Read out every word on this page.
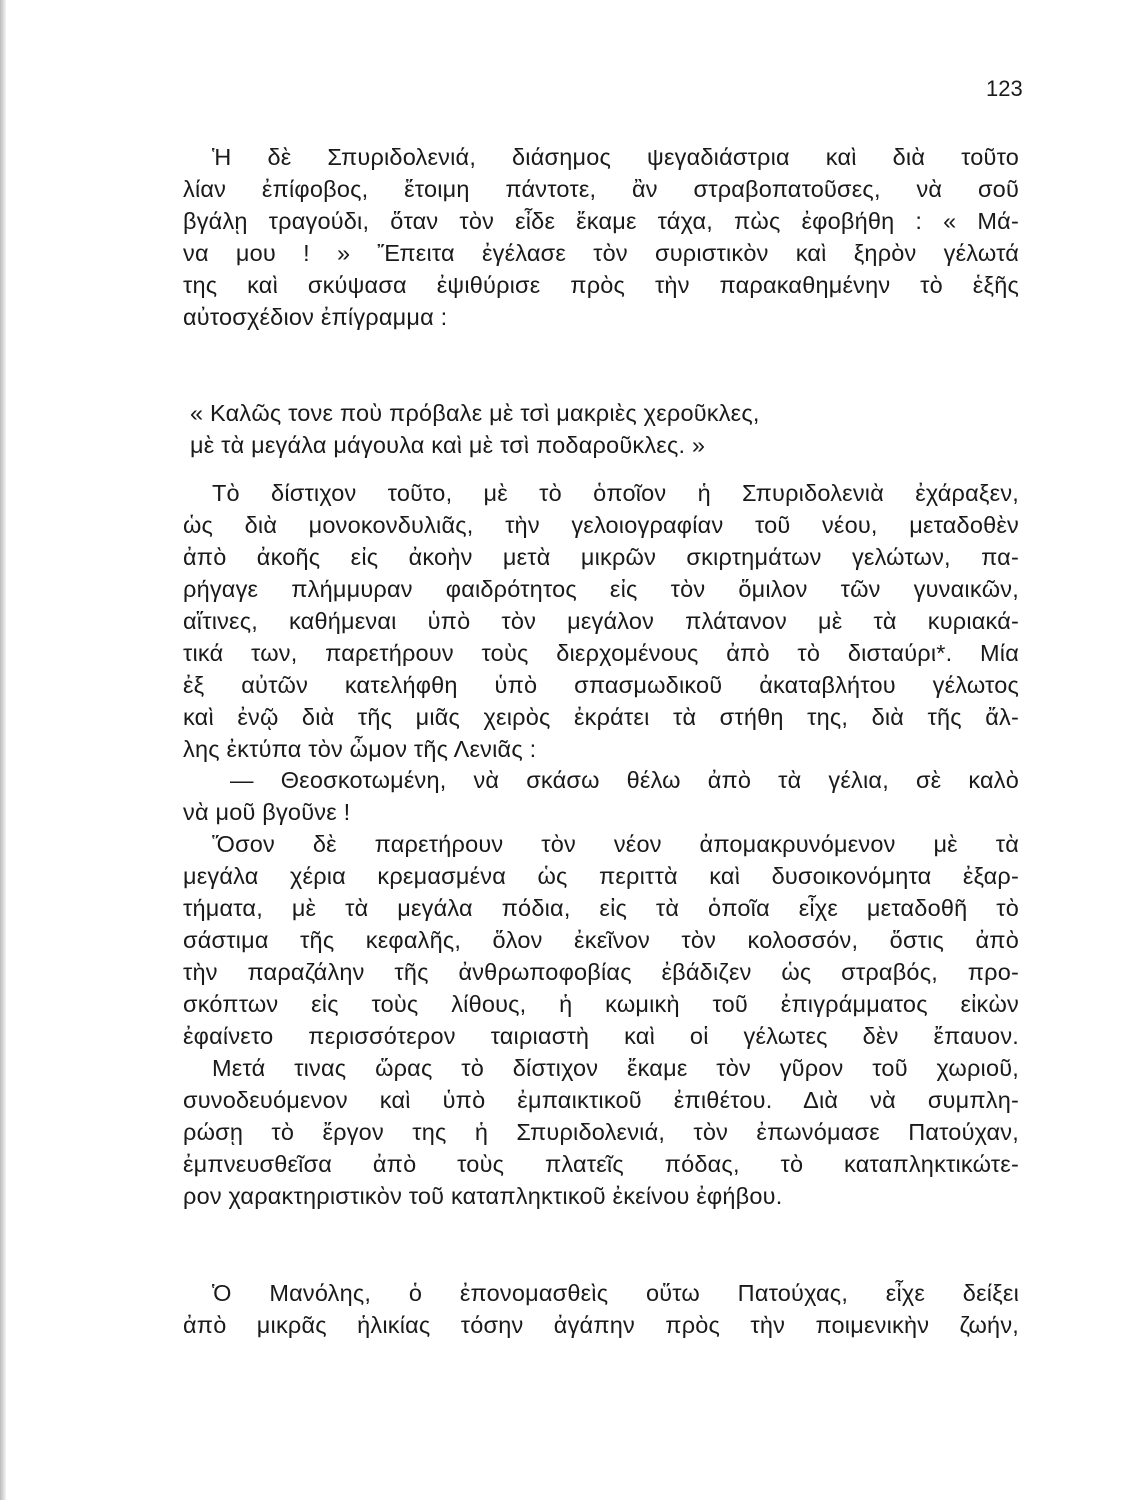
123
Ἡ δὲ Σπυριδολενιά, διάσημος ψεγαδιάστρια καὶ διὰ τοῦτο
λίαν ἐπίφοβος, ἕτοιμη πάντοτε, ἂν στραβοπατοῦσες, νὰ σοῦ
βγάλῃ τραγούδι, ὅταν τὸν εἶδε ἔκαμε τάχα, πὼς ἐφοβήθη : « Μά-
να μου ! » Ἔπειτα ἐγέλασε τὸν συριστικὸν καὶ ξηρὸν γέλωτά
της καὶ σκύψασα ἐψιθύρισε πρὸς τὴν παρακαθημένην τὸ ἑξῆς
αὐτοσχέδιον ἐπίγραμμα :
« Καλῶς τονε ποὺ πρόβαλε μὲ τσὶ μακριὲς χεροῦκλες,
μὲ τὰ μεγάλα μάγουλα καὶ μὲ τσὶ ποδαροῦκλες. »
Τὸ δίστιχον τοῦτο, μὲ τὸ ὁποῖον ἡ Σπυριδολενιὰ ἐχάραξεν,
ὡς διὰ μονοκονδυλιᾶς, τὴν γελοιογραφίαν τοῦ νέου, μεταδοθὲν
ἀπὸ ἀκοῆς εἰς ἀκοὴν μετὰ μικρῶν σκιρτημάτων γελώτων, πα-
ρήγαγε πλήμμυραν φαιδρότητος εἰς τὸν ὅμιλον τῶν γυναικῶν,
αἵτινες, καθήμεναι ὑπὸ τὸν μεγάλον πλάτανον μὲ τὰ κυριακά-
τικά των, παρετήρουν τοὺς διερχομένους ἀπὸ τὸ δισταύρι*. Μία
ἐξ αὐτῶν κατελήφθη ὑπὸ σπασμωδικοῦ ἀκαταβλήτου γέλωτος
καὶ ἐνῷ διὰ τῆς μιᾶς χειρὸς ἐκράτει τὰ στήθη της, διὰ τῆς ἄλ-
λης ἐκτύπα τὸν ὦμον τῆς Λενιᾶς :
— Θεοσκοτωμένη, νὰ σκάσω θέλω ἀπὸ τὰ γέλια, σὲ καλὸ
νὰ μοῦ βγοῦνε !
Ὅσον δὲ παρετήρουν τὸν νέον ἀπομακρυνόμενον μὲ τὰ
μεγάλα χέρια κρεμασμένα ὡς περιττὰ καὶ δυσοικονόμητα ἐξαρ-
τήματα, μὲ τὰ μεγάλα πόδια, εἰς τὰ ὁποῖα εἶχε μεταδοθῆ τὸ
σάστιμα τῆς κεφαλῆς, ὅλον ἐκεῖνον τὸν κολοσσόν, ὅστις ἀπὸ
τὴν παραζάλην τῆς ἀνθρωποφοβίας ἐβάδιζεν ὡς στραβός, προ-
σκόπτων εἰς τοὺς λίθους, ἡ κωμικὴ τοῦ ἐπιγράμματος εἰκὼν
ἐφαίνετο περισσότερον ταιριαστὴ καὶ οἱ γέλωτες δὲν ἔπαυον.
Μετά τινας ὥρας τὸ δίστιχον ἔκαμε τὸν γῦρον τοῦ χωριοῦ,
συνοδευόμενον καὶ ὑπὸ ἐμπαικτικοῦ ἐπιθέτου. Διὰ νὰ συμπλη-
ρώσῃ τὸ ἔργον της ἡ Σπυριδολενιά, τὸν ἐπωνόμασε Πατούχαν,
ἐμπνευσθεῖσα ἀπὸ τοὺς πλατεῖς πόδας, τὸ καταπληκτικώτε-
ρον χαρακτηριστικὸν τοῦ καταπληκτικοῦ ἐκείνου ἐφήβου.
Ὁ Μανόλης, ὁ ἐπονομασθεὶς οὕτω Πατούχας, εἶχε δείξει
ἀπὸ μικρᾶς ἡλικίας τόσην ἀγάπην πρὸς τὴν ποιμενικὴν ζωήν,
